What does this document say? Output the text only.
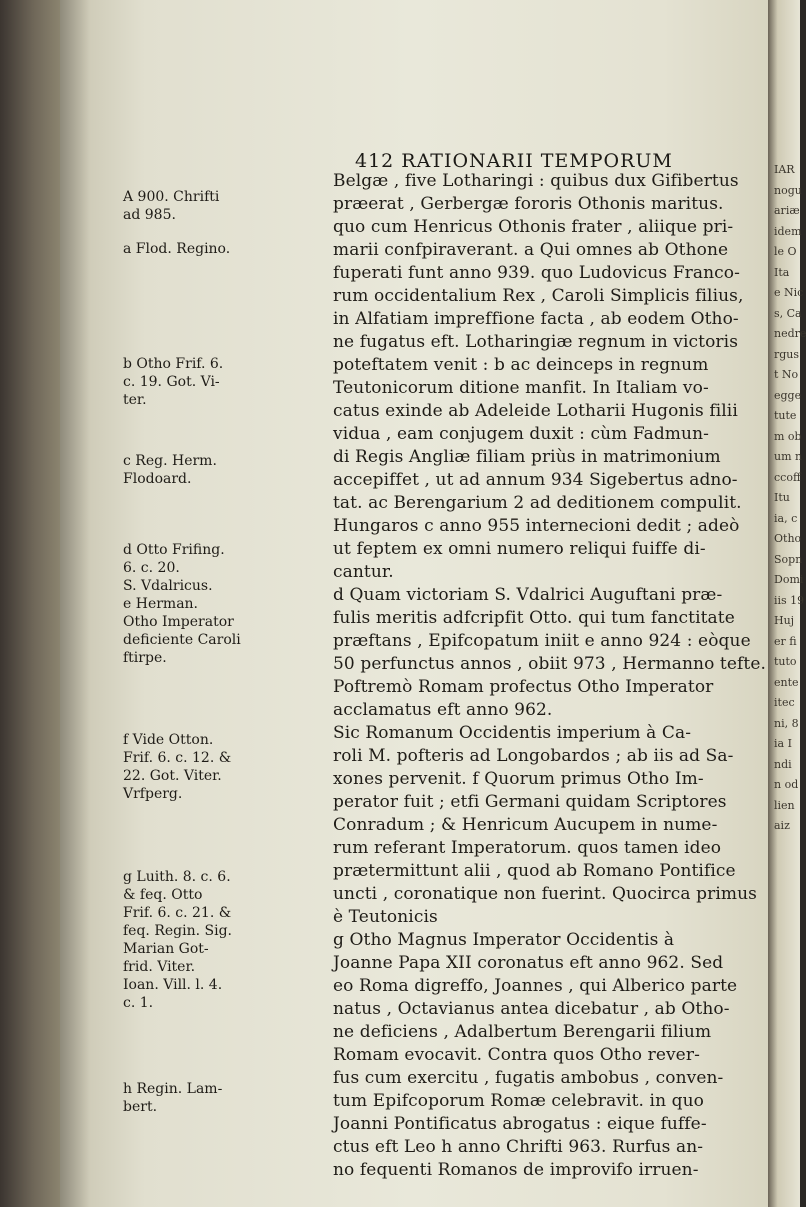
412 RATIONARII TEMPORUM
A 900. Chrifti
ad 985.
a Flod. Regino.
b Otho Frif. 6.
c. 19. Got. Vi-
ter.
c Reg. Herm.
Flodoard.
d Otto Frifing.
6. c. 20.
S. Vdalricus.
e Herman.
Otho Imperator
deficiente Caroli
ftirpe.
f Vide Otton.
Frif. 6. c. 12. &
22. Got. Viter.
Vrfperg.
g Luith. 8. c. 6.
& feq. Otto
Frif. 6. c. 21. &
feq. Regin. Sig.
Marian Got-
frid. Viter.
Ioan. Vill. l. 4.
c. 1.
h Regin. Lam-
bert.
Belgæ , five Lotharingi : quibus dux Gifibertus
præerat , Gerbergæ fororis Othonis maritus.
quo cum Henricus Othonis frater , aliique pri-
marii confpiraverant. a Qui omnes ab Othone
fuperati funt anno 939. quo Ludovicus Franco-
rum occidentalium Rex , Caroli Simplicis filius,
in Alfatiam impreffione facta , ab eodem Otho-
ne fugatus eft. Lotharingiæ regnum in victoris
poteftatem venit : b ac deinceps in regnum
Teutonicorum ditione manfit. In Italiam vo-
catus exinde ab Adeleide Lotharii Hugonis filii
vidua , eam conjugem duxit : cùm Fadmun-
di Regis Angliæ filiam priùs in matrimonium
accepiffet , ut ad annum 934 Sigebertus adno-
tat. ac Berengarium 2 ad deditionem compulit.
Hungaros c anno 955 internecioni dedit ; adeò
ut feptem ex omni numero reliqui fuiffe di-
cantur.
d Quam victoriam S. Vdalrici Auguftani præ-
fulis meritis adfcripfit Otto. qui tum fanctitate
præftans , Epifcopatum iniit e anno 924 : eòque
50 perfunctus annos , obiit 973 , Hermanno tefte.
Poftremò Romam profectus Otho Imperator
acclamatus eft anno 962.
Sic Romanum Occidentis imperium à Ca-
roli M. pofteris ad Longobardos ; ab iis ad Sa-
xones pervenit. f Quorum primus Otho Im-
perator fuit ; etfi Germani quidam Scriptores
Conradum ; & Henricum Aucupem in nume-
rum referant Imperatorum. quos tamen ideo
prætermittunt alii , quod ab Romano Pontifice
uncti , coronatique non fuerint. Quocirca primus
è Teutonicis
g Otho Magnus Imperator Occidentis à
Joanne Papa XII coronatus eft anno 962. Sed
eo Roma digreffo, Joannes , qui Alberico parte
natus , Octavianus antea dicebatur , ab Otho-
ne deficiens , Adalbertum Berengarii filium
Romam evocavit. Contra quos Otho rever-
fus cum exercitu , fugatis ambobus , conven-
tum Epifcoporum Romæ celebravit. in quo
Joanni Pontificatus abrogatus : eique fuffe-
ctus eft Leo h anno Chrifti 963. Rurfus an-
no fequenti Romanos de improvifo irruen-
IAR
nogu
ariæ
idem
le O
Ita
e Nic
s, Ca
nedre
rgus
t No
egge
tute
m ob
um n
ccoff
Itu
ia, c
Otho
Sopn
Domi
iis 19
Huj
er fi
tuto
ente
itec
ni, 8
ia I
ndi
n od
lien
aiz
